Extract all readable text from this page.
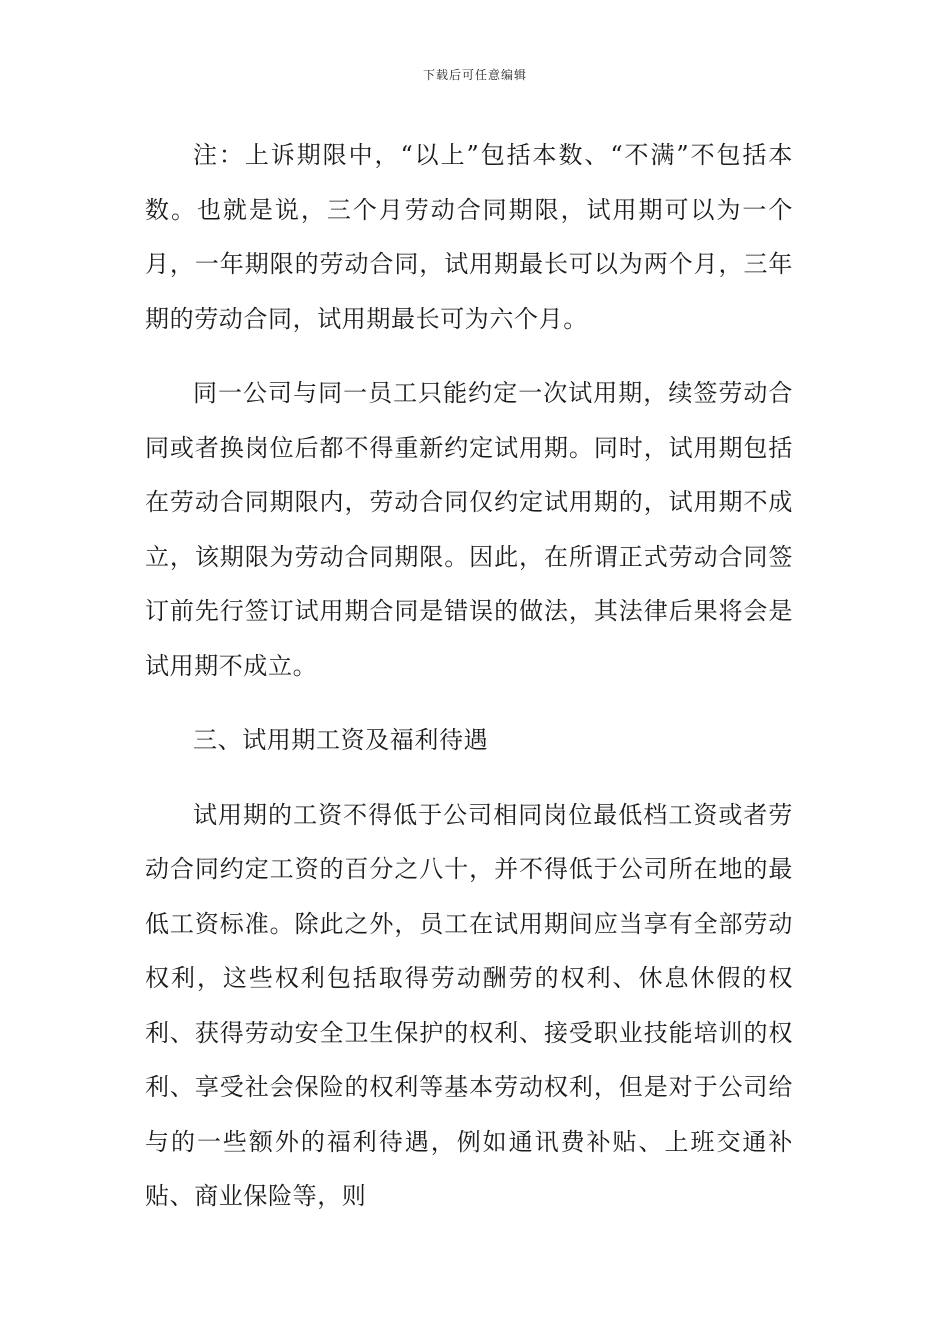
下载后可任意编辑

注：上诉期限中，“以上”包括本数、“不满”不包括本数。也就是说，三个月劳动合同期限，试用期可以为一个月，一年期限的劳动合同，试用期最长可以为两个月，三年期的劳动合同，试用期最长可为六个月。

同一公司与同一员工只能约定一次试用期，续签劳动合同或者换岗位后都不得重新约定试用期。同时，试用期包括在劳动合同期限内，劳动合同仅约定试用期的，试用期不成立，该期限为劳动合同期限。因此，在所谓正式劳动合同签订前先行签订试用期合同是错误的做法，其法律后果将会是试用期不成立。

三、试用期工资及福利待遇

试用期的工资不得低于公司相同岗位最低档工资或者劳动合同约定工资的百分之八十，并不得低于公司所在地的最低工资标准。除此之外，员工在试用期间应当享有全部劳动权利，这些权利包括取得劳动酬劳的权利、休息休假的权利、获得劳动安全卫生保护的权利、接受职业技能培训的权利、享受社会保险的权利等基本劳动权利，但是对于公司给与的一些额外的福利待遇，例如通讯费补贴、上班交通补贴、商业保险等，则
